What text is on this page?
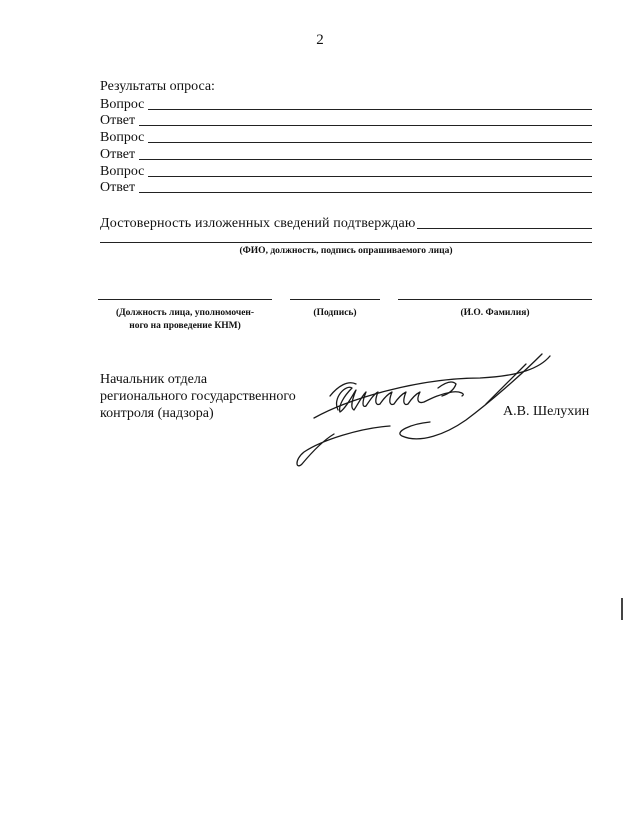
2
Результаты опроса:
Вопрос
Ответ
Вопрос
Ответ
Вопрос
Ответ
Достоверность изложенных сведений подтверждаю
(ФИО, должность, подпись опрашиваемого лица)
(Должность лица, уполномочен-
ного на проведение КНМ)
(Подпись)	(И.О. Фамилия)
Начальник отдела
регионального государственного
контроля (надзора)	А.В. Шелухин
